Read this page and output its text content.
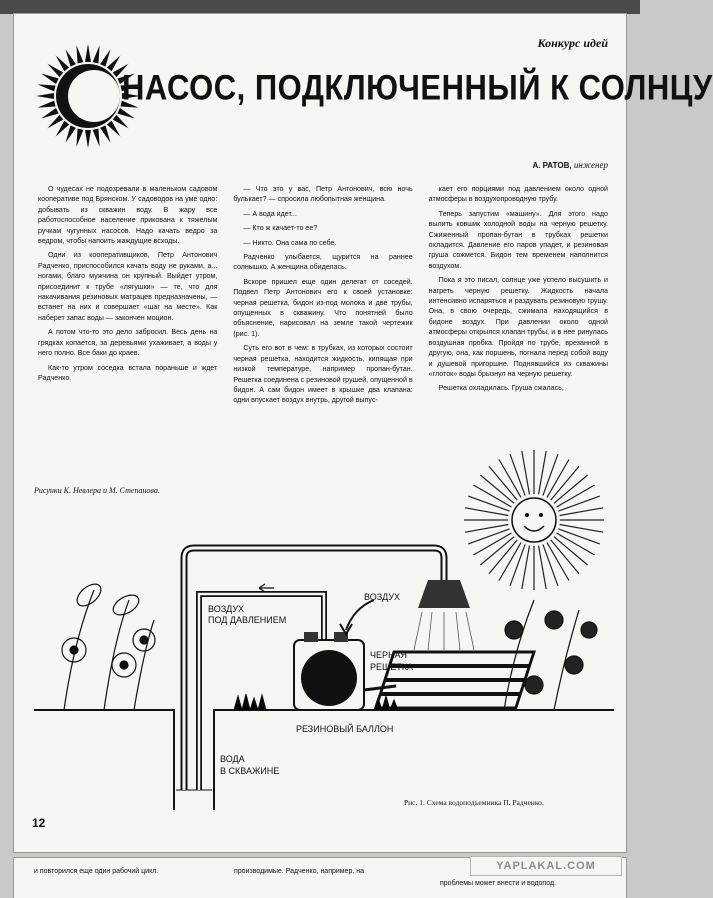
Конкурс идей
НАСОС, ПОДКЛЮЧЕННЫЙ К СОЛНЦУ
А. РАТОВ, инженер

О чудесах не подозревали в маленьком садовом кооперативе под Брянском. У садоводов на уме одно: добывать из скважин воду. В жару все работоспособное население прикована к тяжелым ручкам чугунных насосов. Надо качать ведро за ведром, чтобы напоить жаждущие всходы.

Одни из кооперативщиков, Петр Антонович Радченко, приспособился качать воду не руками, а... ногами, благо мужчина он крупный. Выйдет утром, присоединит к трубе «лягушки» — те, что для накачивания резиновых матрацев предназначены, — встанет на них и совершает «шаг на месте». Как наберет запас воды — закончен моцион.

А потом что-то это дело забросил. Весь день на грядках копается, за деревьями ухаживает, а воды у него полно. Все баки до краев.

Как-то утром соседка встала пораньше и ждет Радченко.

— Что это у вас, Петр Антонович, всю ночь булькает? — спросила любопытная женщина.

— А вода идет...

— Кто ж качает-то ее?

— Никто. Она сама по себе.

Радченко улыбается, щурится на раннее солнышко. А женщина обиделась.

Вскоре пришел еще один делегат от соседей. Подвел Петр Антонович его к своей установке: черная решетка, бидон из-под молока и две трубы, опущенных в скважину. Что понятней было объяснение, нарисовал на земле такой чертежик (рис. 1).

Суть его вот в чем: в трубках, из которых состоит черная решетка, находится жидкость, кипящая при низкой температуре, например пропан-бутан. Решетка соединена с резиновой грушей, опущенной в бидон. А сам бидон имеет в крышке два клапана: одни впускает воздух внутрь, другой выпус-

кает его порциями под давлением около одной атмосферы в воздухопроводную трубу.

Теперь запустим «машину». Для этого надо вылить ковшик холодной воды на черную решетку. Сжиженный пропан-бутан в трубках решетки охладится. Давление его паров упадет, и резиновая груша сожмется. Бидон тем временем наполнится воздухом.

Пока я это писал, солнце уже успело высушить и нагреть черную решетку. Жидкость начала интенсивно испаряться и раздувать резиновую грушу. Она, в свою очередь, сжимала находящийся в бидоне воздух. При давлении около одной атмосферы открылся клапан трубы, и в нее ринулась воздушная пробка. Пройдя по трубе, врезанной в другую, она, как поршень, погнала перед собой воду и душевой пригоршне. Поднявшийся из скважины «глоток» воды брызнул на черную решетку.

Решетка охладилась. Груша сжалась,

Рисунки К. Невлера и М. Степанова.
ВОЗДУХ
ПОД ДАВЛЕНИЕМ
ВОЗДУХ
ЧЕРНАЯ
РЕШЕТКА
РЕЗИНОВЫЙ БАЛЛОН
ВОДА
В СКВАЖИНЕ
Рис. 1. Схема водоподъемника П. Радченко.
12
и повторился еще один рабочий цикл.	производимые. Радченко, например, на
проблемы может внести и водопод.
YAPLAKAL.COM
